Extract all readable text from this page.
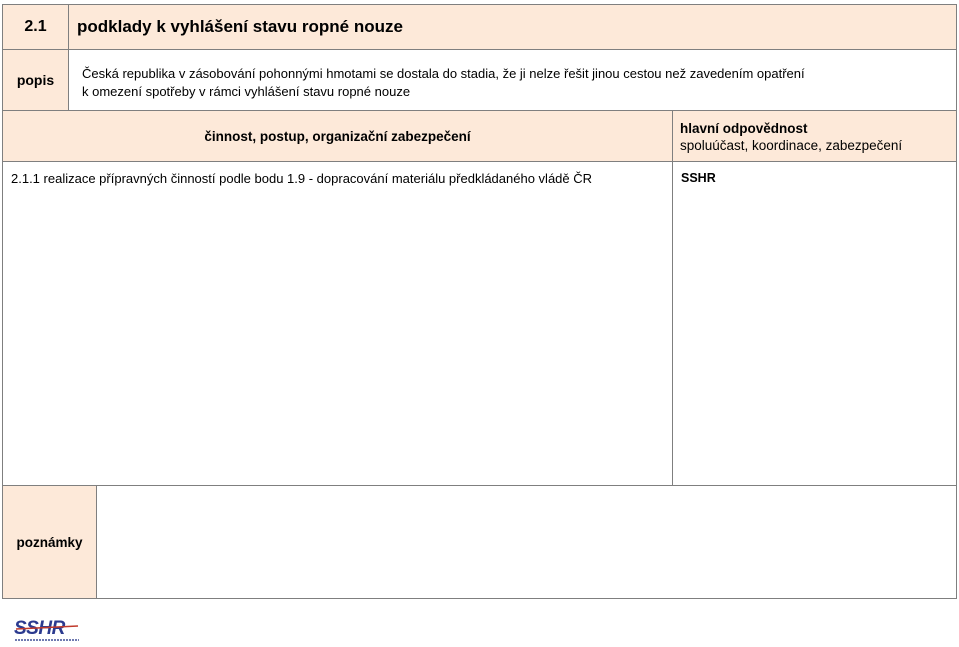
2.1	podklady k vyhlášení stavu ropné nouze
popis	Česká republika v zásobování pohonnými hmotami se dostala do stadia, že ji nelze řešit jinou cestou než zavedením opatření
k omezení spotřeby v rámci vyhlášení stavu ropné nouze
činnost, postup, organizační zabezpečení	hlavní odpovědnost
spoluúčast, koordinace, zabezpečení
2.1.1 realizace přípravných činností podle bodu 1.9 - dopracování materiálu předkládaného vládě ČR	SSHR
poznámky
SSHR
